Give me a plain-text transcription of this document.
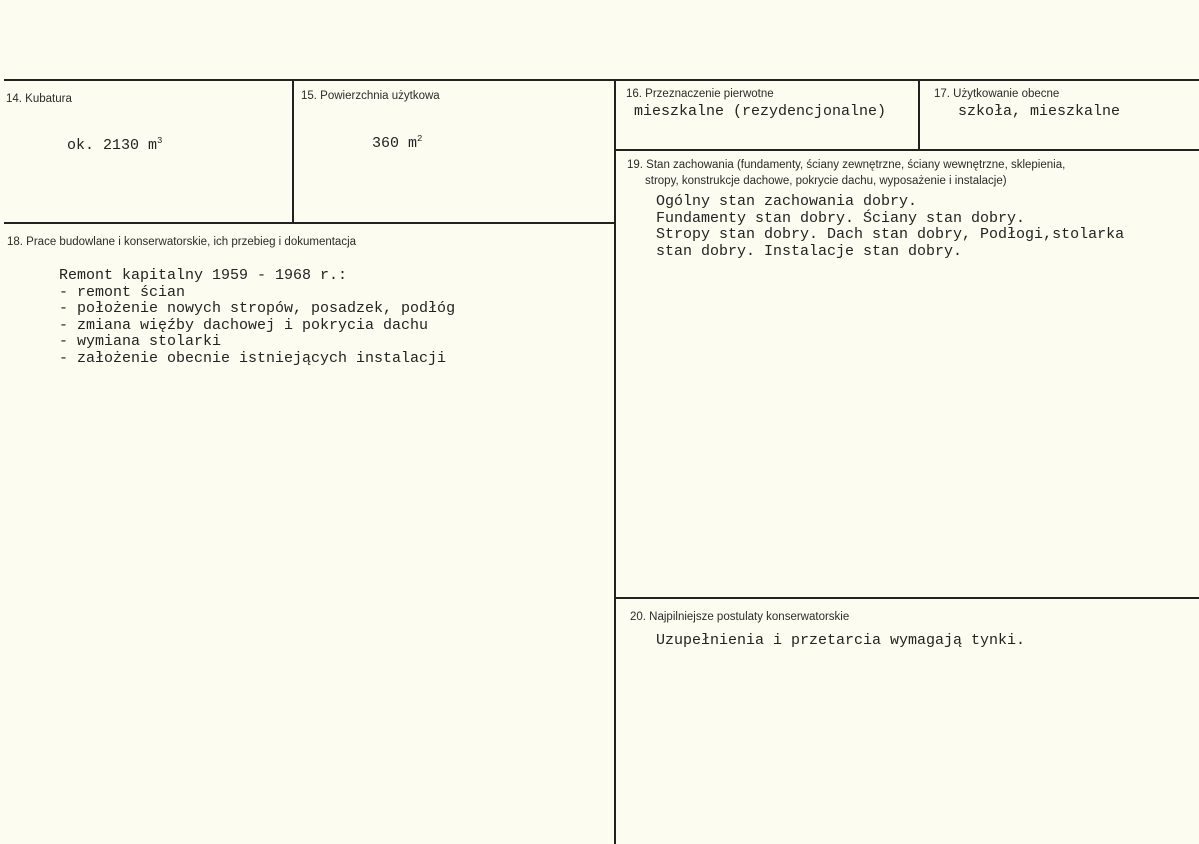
14. Kubatura

ok. 2130 $m^3$

15. Powierzchnia użytkowa

360 $m^2$

16. Przeznaczenie pierwotne

mieszkalne (rezydencjonalne)

17. Użytkowanie obecne

szkoła, mieszkalne

18. Prace budowlane i konserwatorskie, ich przebieg i dokumentacja

Remont kapitalny 1959 - 1968 r.:
- remont ścian
- położenie nowych stropów, posadzek, podłóg
- zmiana więźby dachowej i pokrycia dachu
- wymiana stolarki
- założenie obecnie istniejących instalacji

19. Stan zachowania (fundamenty, ściany zewnętrzne, ściany wewnętrzne, sklepienia,

stropy, konstrukcje dachowe, pokrycie dachu, wyposażenie i instalacje)

Ogólny stan zachowania dobry.
Fundamenty stan dobry. Ściany stan dobry.
Stropy stan dobry. Dach stan dobry, Podłogi,stolarka
stan dobry. Instalacje stan dobry.

20. Najpilniejsze postulaty konserwatorskie

Uzupełnienia i przetarcia wymagają tynki.
